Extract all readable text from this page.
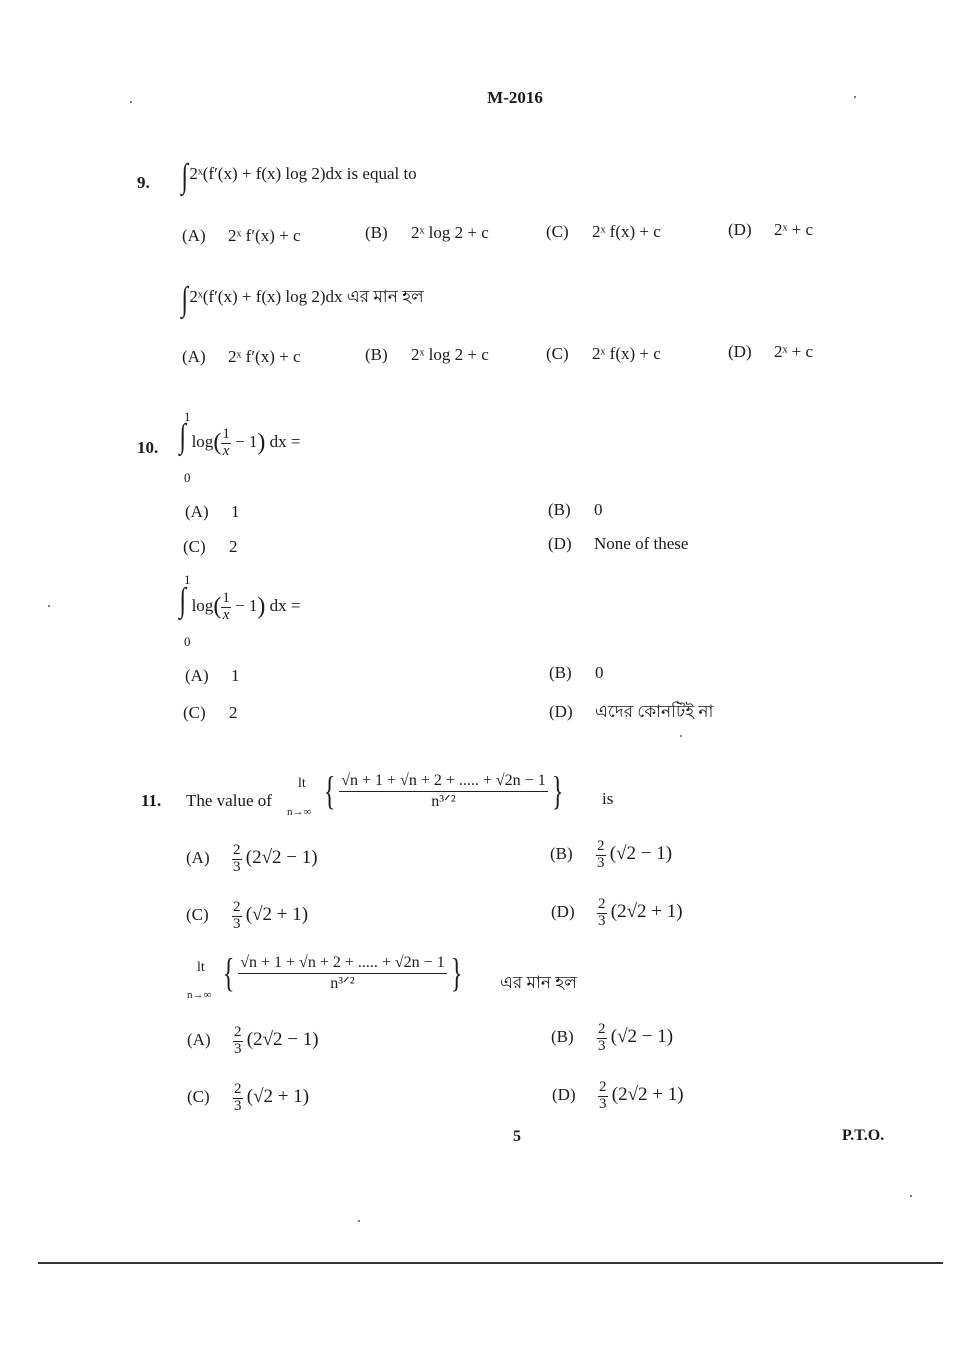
M-2016
9. ∫2ˣ(f′(x) + f(x) log 2)dx is equal to
(A) 2ˣ f′(x) + c	(B) 2ˣ log 2 + c	(C) 2ˣ f(x) + c	(D) 2ˣ + c
∫2ˣ(f′(x) + f(x) log 2)dx এর মান হল
(A) 2ˣ f′(x) + c	(B) 2ˣ log 2 + c	(C) 2ˣ f(x) + c	(D) 2ˣ + c
10.
1
0
∫ $\log( \frac{1}{x} - 1)$ dx =
(A) 1	(B) 0
(C) 2	(D) None of these
1
0
∫ $\log( \frac{1}{x} - 1)$ dx =
(A) 1	(B) 0
(C) 2	(D) এদের কোনটিই না
11. The value of
lt
n→∞ { √n + 1 + √n + 2 + ..... + √2n − 1
n³ᐟ² } is
$(A) \frac{2}{3} (2√2 - 1)$	$(B) \frac{2}{3} (√2 - 1)$
$(C) \frac{2}{3} (√2 + 1)$	$(D) \frac{2}{3} (2√2 + 1)$
lt
n→∞ { √n + 1 + √n + 2 + ..... + √2n − 1
n³ᐟ² } এর মান হল
$(A) \frac{2}{3} (2√2 - 1)$	$(B) \frac{2}{3} (√2 - 1)$
$(C) \frac{2}{3} (√2 + 1)$	$(D) \frac{2}{3} (2√2 + 1)$
5	P.T.O.
